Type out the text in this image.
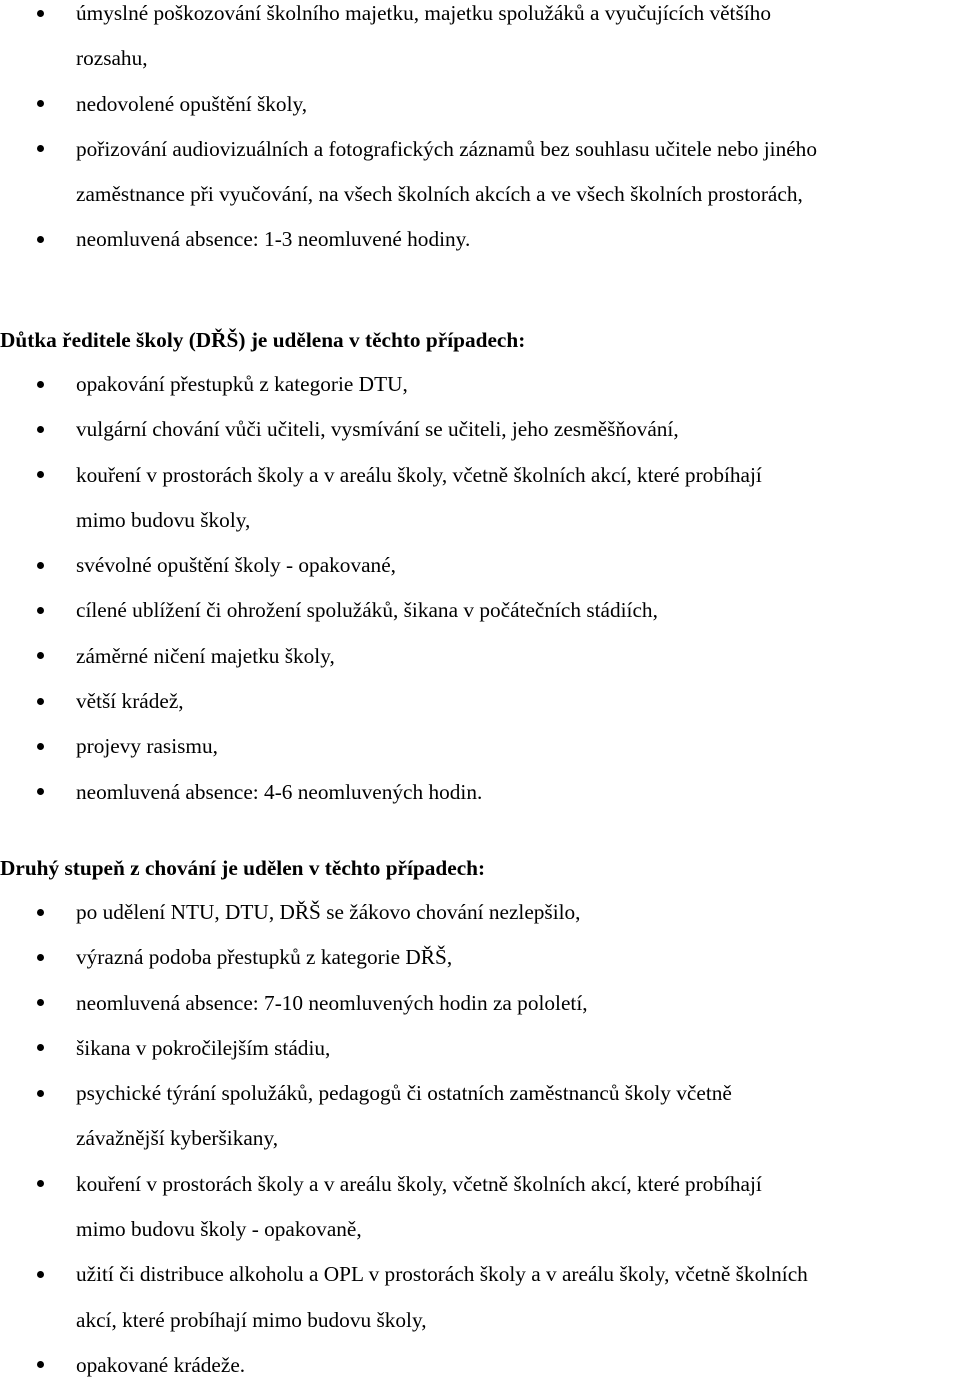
úmyslné poškozování školního majetku, majetku spolužáků a vyučujících většího
rozsahu,
nedovolené opuštění školy,
pořizování audiovizuálních a fotografických záznamů bez souhlasu učitele nebo jiného
zaměstnance při vyučování, na všech školních akcích a ve všech školních prostorách,
neomluvená absence: 1-3 neomluvené hodiny.
Důtka ředitele školy (DŘŠ) je udělena v těchto případech:
opakování přestupků z kategorie DTU,
vulgární chování vůči učiteli, vysmívání se učiteli, jeho zesměšňování,
kouření v prostorách školy a v areálu školy, včetně školních akcí, které probíhají
mimo budovu školy,
svévolné opuštění školy - opakované,
cílené ublížení či ohrožení spolužáků, šikana v počátečních stádiích,
záměrné ničení majetku školy,
větší krádež,
projevy rasismu,
neomluvená absence: 4-6 neomluvených hodin.
Druhý stupeň z chování je udělen v těchto případech:
po udělení NTU, DTU, DŘŠ se žákovo chování nezlepšilo,
výrazná podoba přestupků z kategorie DŘŠ,
neomluvená absence: 7-10 neomluvených hodin za pololetí,
šikana v pokročilejším stádiu,
psychické týrání spolužáků, pedagogů či ostatních zaměstnanců školy včetně
závažnější kyberšikany,
kouření v prostorách školy a v areálu školy, včetně školních akcí, které probíhají
mimo budovu školy - opakovaně,
užití či distribuce alkoholu a OPL v prostorách školy a v areálu školy, včetně školních
akcí, které probíhají mimo budovu školy,
opakované krádeže.
